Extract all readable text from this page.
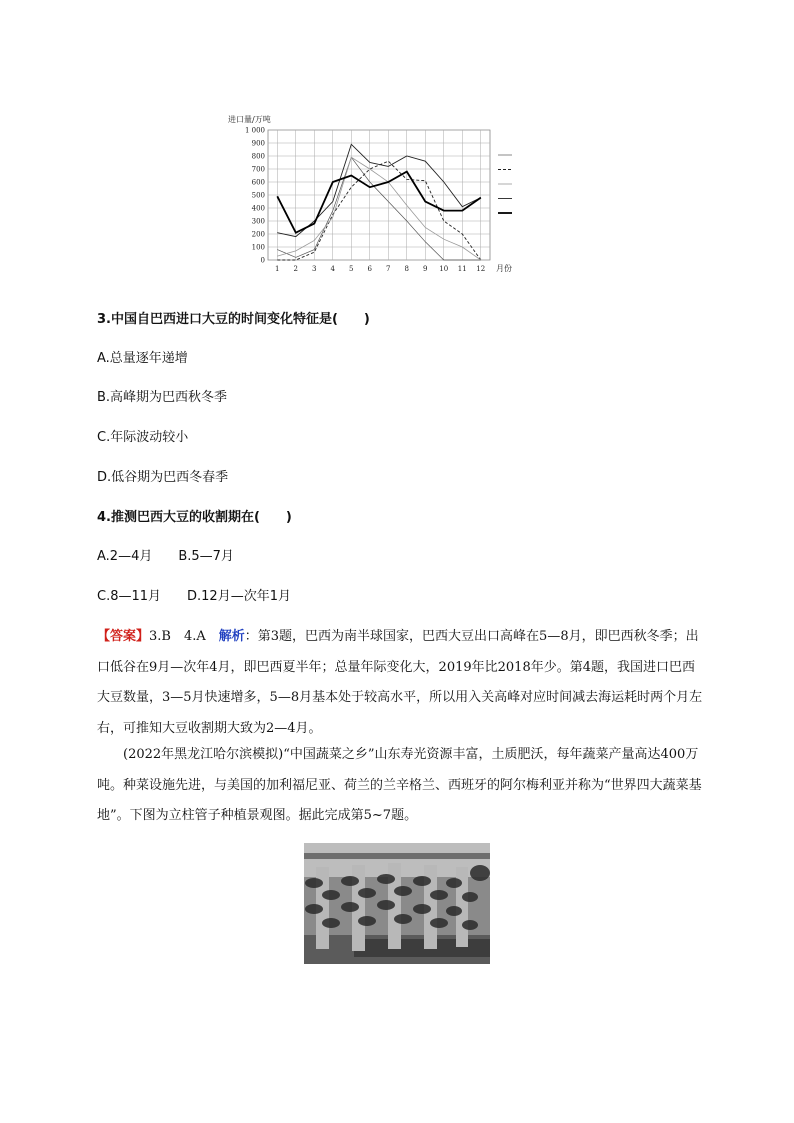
进口量/万吨
0
100
200
300
400
500
600
700
800
900
1 000
1 2 3 4 5 6 7 8 9 10 11 12 月份
3.中国自巴西进口大豆的时间变化特征是(　　)
A.总量逐年递增
B.高峰期为巴西秋冬季
C.年际波动较小
D.低谷期为巴西冬春季
4.推测巴西大豆的收割期在(　　)
A.2—4月　　B.5—7月
C.8—11月　　D.12月—次年1月
【答案】3.B　4.A　解析：第3题，巴西为南半球国家，巴西大豆出口高峰在5—8月，即巴西秋冬季；出口低谷在9月—次年4月，即巴西夏半年；总量年际变化大，2019年比2018年少。第4题，我国进口巴西大豆数量，3—5月快速增多，5—8月基本处于较高水平，所以用入关高峰对应时间减去海运耗时两个月左右，可推知大豆收割期大致为2—4月。
(2022年黑龙江哈尔滨模拟)“中国蔬菜之乡”山东寿光资源丰富，土质肥沃，每年蔬菜产量高达400万吨。种菜设施先进，与美国的加利福尼亚、荷兰的兰辛格兰、西班牙的阿尔梅利亚并称为“世界四大蔬菜基地”。下图为立柱管子种植景观图。据此完成第5~7题。
